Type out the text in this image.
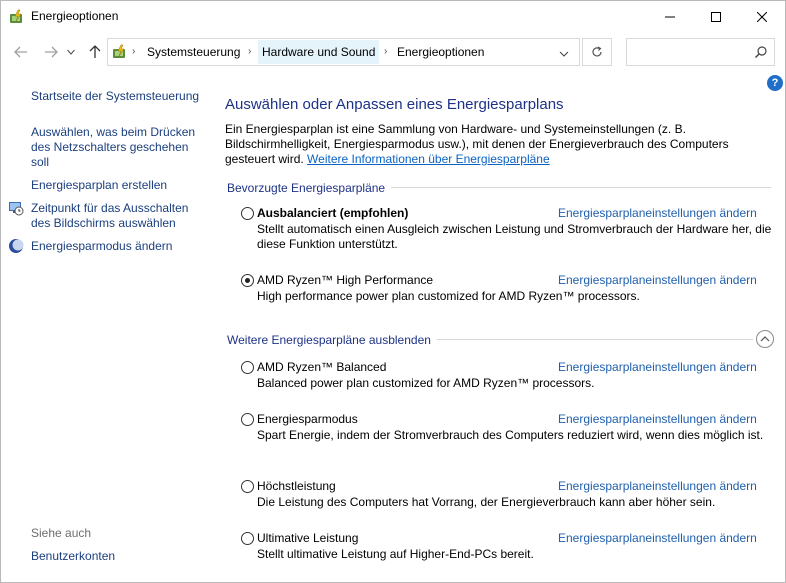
Energieoptionen
› Systemsteuerung › Hardware und Sound › Energieoptionen
?
Startseite der Systemsteuerung
Auswählen, was beim Drücken des Netzschalters geschehen soll
Energiesparplan erstellen
Zeitpunkt für das Ausschalten des Bildschirms auswählen
Energiesparmodus ändern
Siehe auch
Benutzerkonten
Auswählen oder Anpassen eines Energiesparplans
Ein Energiesparplan ist eine Sammlung von Hardware- und Systemeinstellungen (z. B. Bildschirmhelligkeit, Energiesparmodus usw.), mit denen der Energieverbrauch des Computers gesteuert wird. Weitere Informationen über Energiesparpläne
Bevorzugte Energiesparpläne
Ausbalanciert (empfohlen)	Energiesparplaneinstellungen ändern
Stellt automatisch einen Ausgleich zwischen Leistung und Stromverbrauch der Hardware her, die diese Funktion unterstützt.
AMD Ryzen™ High Performance	Energiesparplaneinstellungen ändern
High performance power plan customized for AMD Ryzen™ processors.
Weitere Energiesparpläne ausblenden
AMD Ryzen™ Balanced	Energiesparplaneinstellungen ändern
Balanced power plan customized for AMD Ryzen™ processors.
Energiesparmodus	Energiesparplaneinstellungen ändern
Spart Energie, indem der Stromverbrauch des Computers reduziert wird, wenn dies möglich ist.
Höchstleistung	Energiesparplaneinstellungen ändern
Die Leistung des Computers hat Vorrang, der Energieverbrauch kann aber höher sein.
Ultimative Leistung	Energiesparplaneinstellungen ändern
Stellt ultimative Leistung auf Higher-End-PCs bereit.
